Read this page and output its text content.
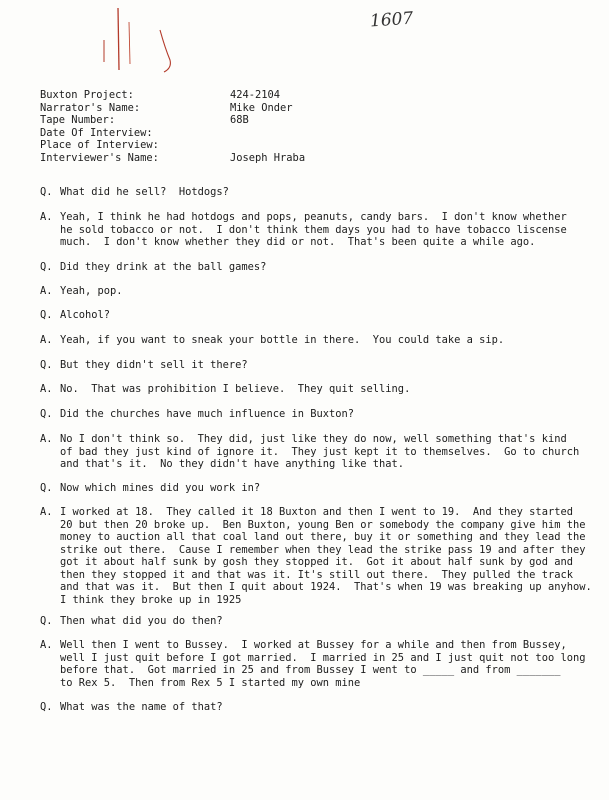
1607
Buxton Project:	424-2104
Narrator's Name:	Mike Onder
Tape Number:	68B
Date Of Interview:
Place of Interview:
Interviewer's Name:	Joseph Hraba
Q. What did he sell?  Hotdogs?
A. Yeah, I think he had hotdogs and pops, peanuts, candy bars.  I don't know whether
he sold tobacco or not.  I don't think them days you had to have tobacco liscense
much.  I don't know whether they did or not.  That's been quite a while ago.
Q. Did they drink at the ball games?
A. Yeah, pop.
Q. Alcohol?
A. Yeah, if you want to sneak your bottle in there.  You could take a sip.
Q. But they didn't sell it there?
A. No.  That was prohibition I believe.  They quit selling.
Q. Did the churches have much influence in Buxton?
A. No I don't think so.  They did, just like they do now, well something that's kind
of bad they just kind of ignore it.  They just kept it to themselves.  Go to church
and that's it.  No they didn't have anything like that.
Q. Now which mines did you work in?
A. I worked at 18.  They called it 18 Buxton and then I went to 19.  And they started
20 but then 20 broke up.  Ben Buxton, young Ben or somebody the company give him the
money to auction all that coal land out there, buy it or something and they lead the
strike out there.  Cause I remember when they lead the strike pass 19 and after they
got it about half sunk by gosh they stopped it.  Got it about half sunk by god and
then they stopped it and that was it. It's still out there.  They pulled the track
and that was it.  But then I quit about 1924.  That's when 19 was breaking up anyhow.
I think they broke up in 1925
Q. Then what did you do then?
A. Well then I went to Bussey.  I worked at Bussey for a while and then from Bussey,
well I just quit before I got married.  I married in 25 and I just quit not too long
before that.  Got married in 25 and from Bussey I went to _____ and from _______
to Rex 5.  Then from Rex 5 I started my own mine
Q. What was the name of that?
